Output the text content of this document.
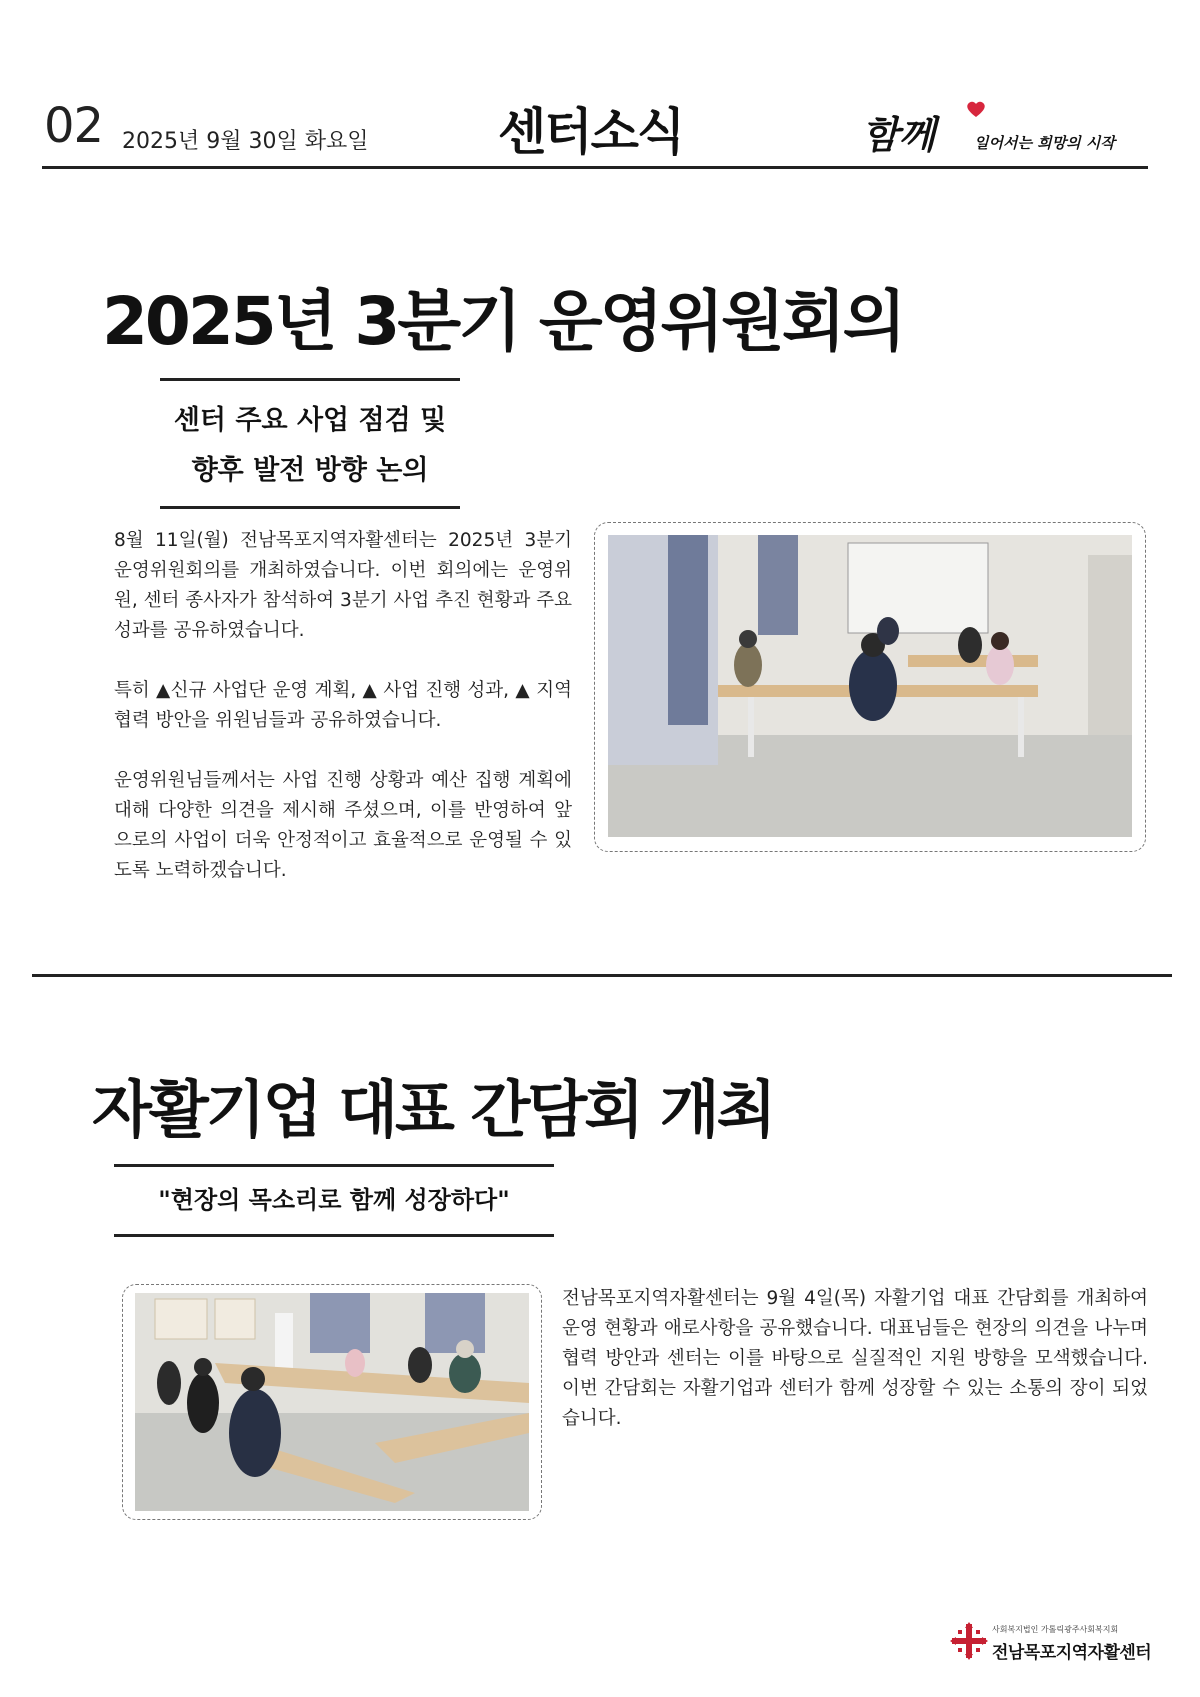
02 2025년 9월 30일 화요일	센터소식	함께	일어서는 희망의 시작
2025년 3분기 운영위원회의
센터 주요 사업 점검 및
향후 발전 방향 논의

8월 11일(월) 전남목포지역자활센터는 2025년 3분기 운영위원회의를 개최하였습니다. 이번 회의에는 운영위원, 센터 종사자가 참석하여 3분기 사업 추진 현황과 주요 성과를 공유하였습니다.

특히 ▲신규 사업단 운영 계획, ▲ 사업 진행 성과, ▲ 지역 협력 방안을 위원님들과 공유하였습니다.

운영위원님들께서는 사업 진행 상황과 예산 집행 계획에 대해 다양한 의견을 제시해 주셨으며, 이를 반영하여 앞으로의 사업이 더욱 안정적이고 효율적으로 운영될 수 있도록 노력하겠습니다.

자활기업 대표 간담회 개최
"현장의 목소리로 함께 성장하다"

전남목포지역자활센터는 9월 4일(목) 자활기업 대표 간담회를 개최하여 운영 현황과 애로사항을 공유했습니다. 대표님들은 현장의 의견을 나누며 협력 방안과 센터는 이를 바탕으로 실질적인 지원 방향을 모색했습니다. 이번 간담회는 자활기업과 센터가 함께 성장할 수 있는 소통의 장이 되었습니다.

사회복지법인 가톨릭광주사회복지회
전남목포지역자활센터
